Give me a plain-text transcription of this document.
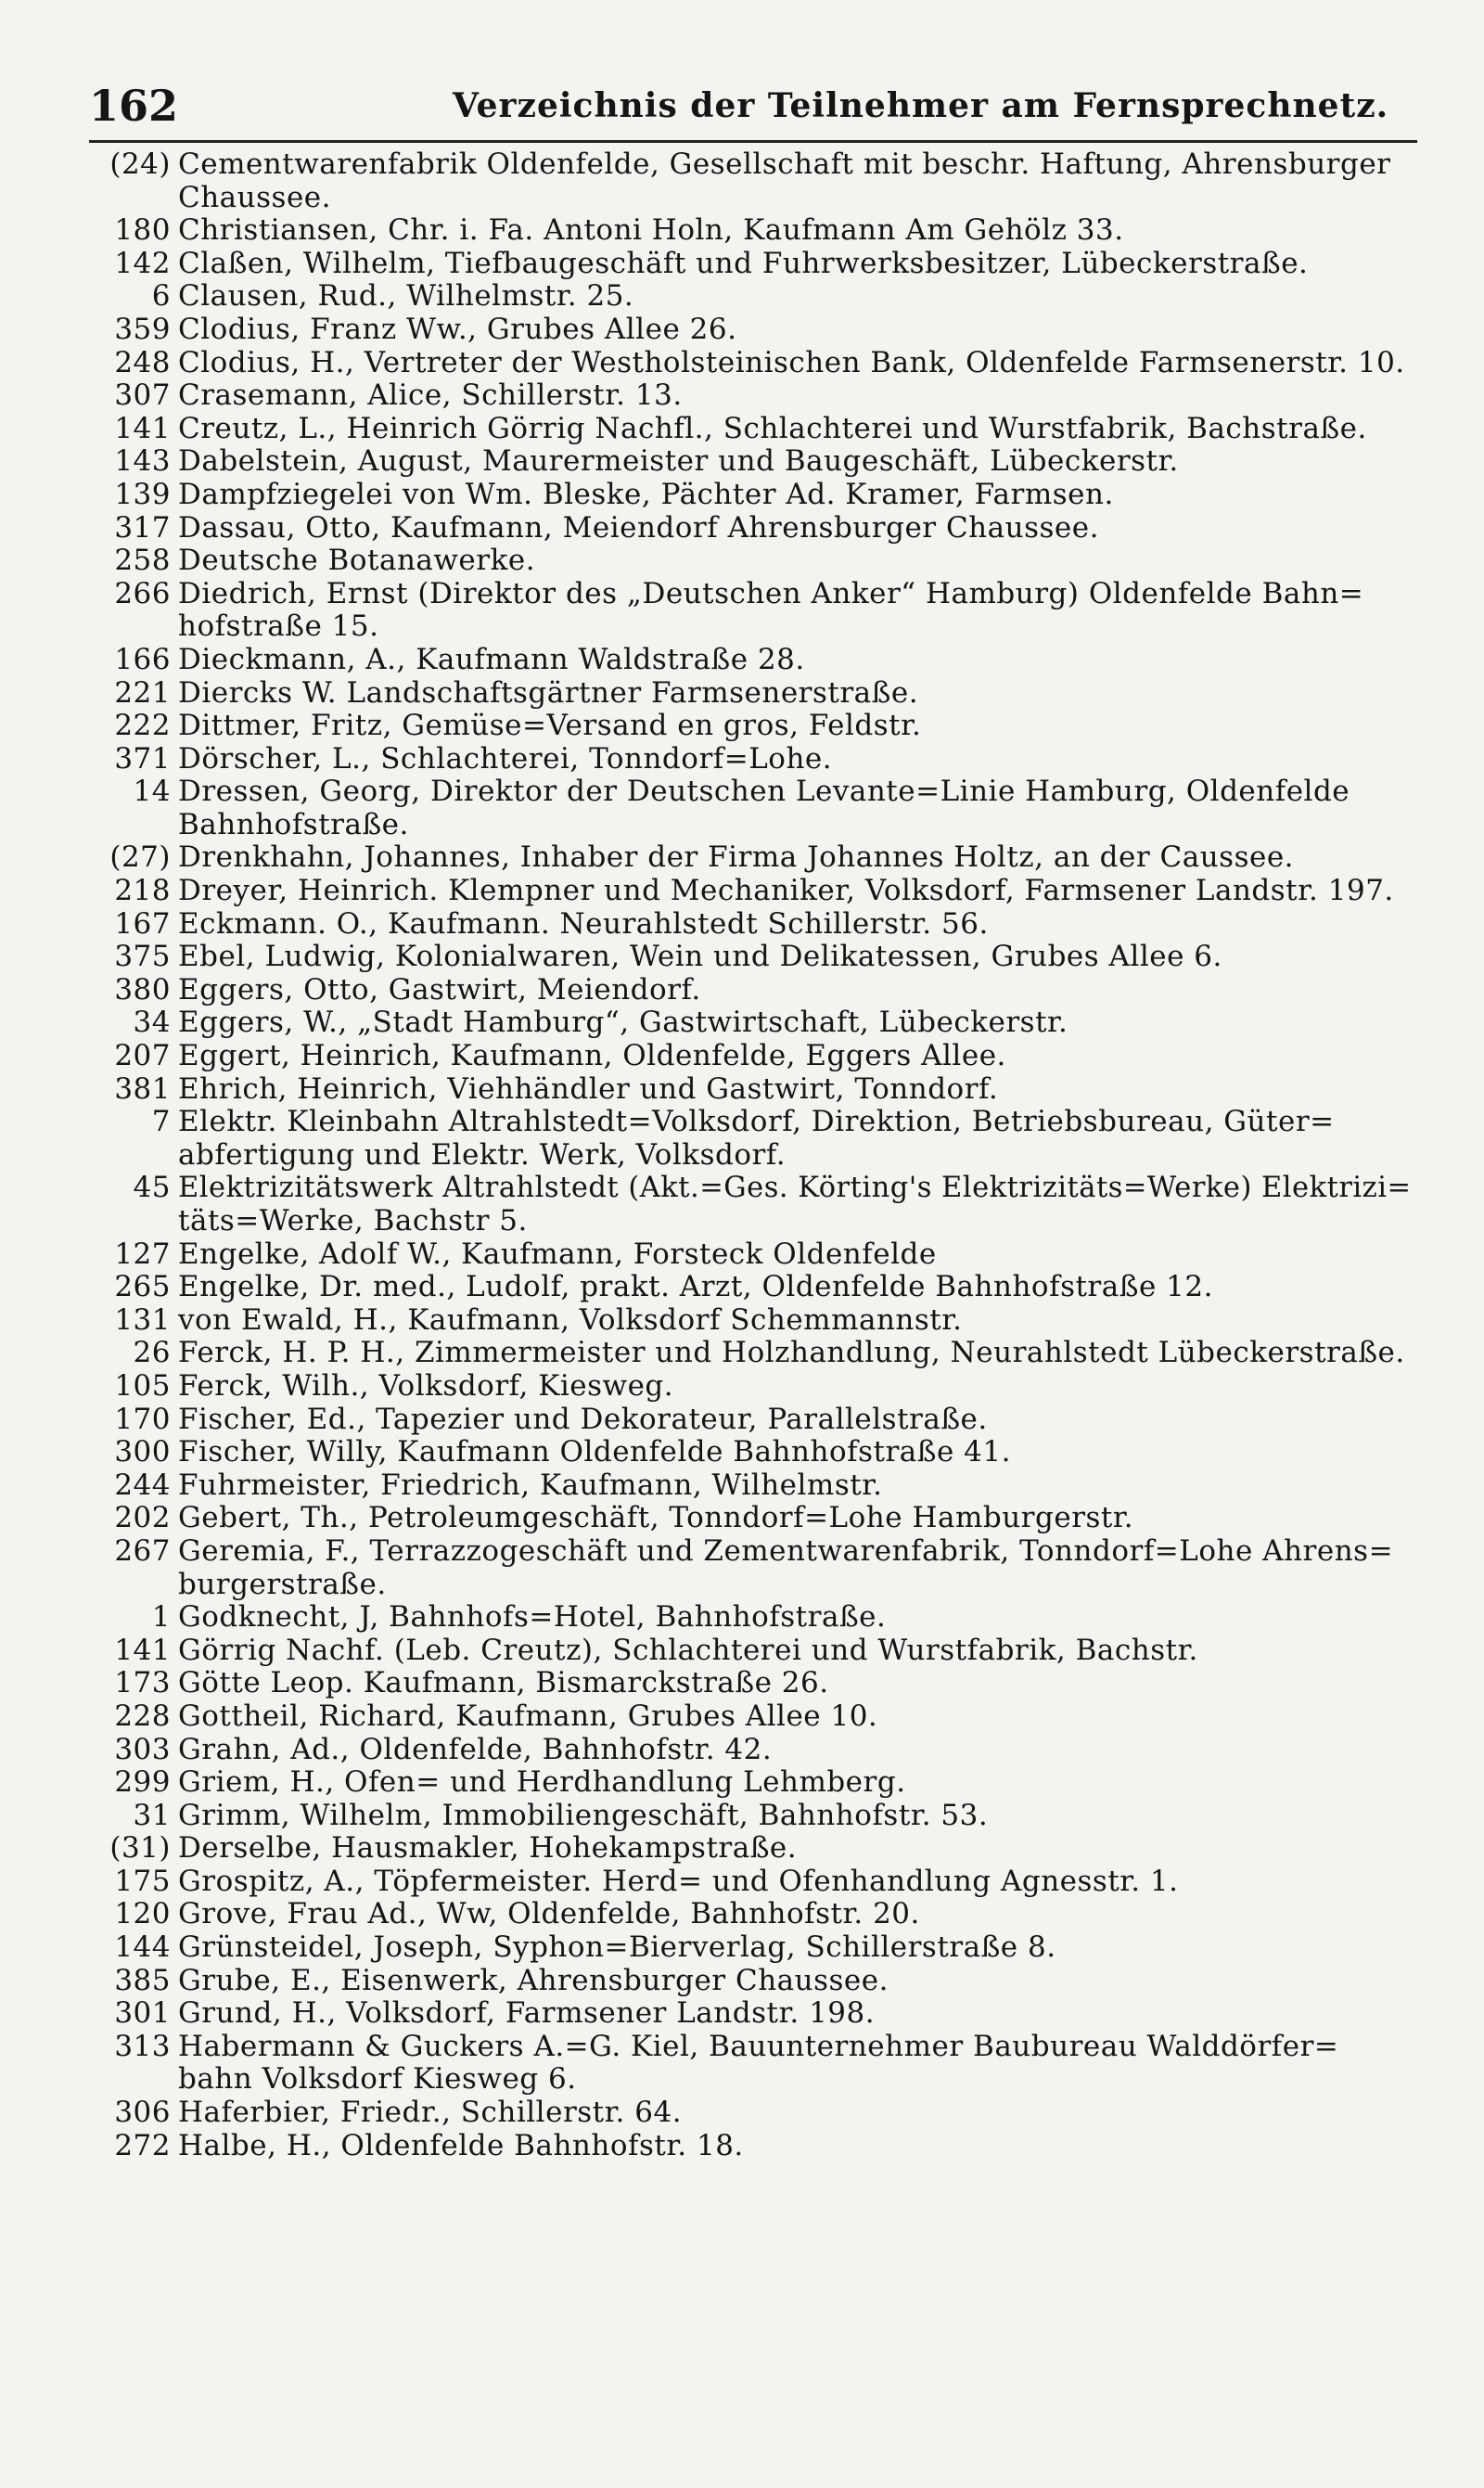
162	Verzeichnis der Teilnehmer am Fernsprechnetz.
(24) Cementwarenfabrik Oldenfelde, Gesellschaft mit beschr. Haftung, Ahrensburger
Chaussee.
180 Christiansen, Chr. i. Fa. Antoni Holn, Kaufmann Am Gehölz 33.
142 Claßen, Wilhelm, Tiefbaugeschäft und Fuhrwerksbesitzer, Lübeckerstraße.
6 Clausen, Rud., Wilhelmstr. 25.
359 Clodius, Franz Ww., Grubes Allee 26.
248 Clodius, H., Vertreter der Westholsteinischen Bank, Oldenfelde Farmsenerstr. 10.
307 Crasemann, Alice, Schillerstr. 13.
141 Creutz, L., Heinrich Görrig Nachfl., Schlachterei und Wurstfabrik, Bachstraße.
143 Dabelstein, August, Maurermeister und Baugeschäft, Lübeckerstr.
139 Dampfziegelei von Wm. Bleske, Pächter Ad. Kramer, Farmsen.
317 Dassau, Otto, Kaufmann, Meiendorf Ahrensburger Chaussee.
258 Deutsche Botanawerke.
266 Diedrich, Ernst (Direktor des „Deutschen Anker“ Hamburg) Oldenfelde Bahn=
hofstraße 15.
166 Dieckmann, A., Kaufmann Waldstraße 28.
221 Diercks W. Landschaftsgärtner Farmsenerstraße.
222 Dittmer, Fritz, Gemüse=Versand en gros, Feldstr.
371 Dörscher, L., Schlachterei, Tonndorf=Lohe.
14 Dressen, Georg, Direktor der Deutschen Levante=Linie Hamburg, Oldenfelde
Bahnhofstraße.
(27) Drenkhahn, Johannes, Inhaber der Firma Johannes Holtz, an der Caussee.
218 Dreyer, Heinrich. Klempner und Mechaniker, Volksdorf, Farmsener Landstr. 197.
167 Eckmann. O., Kaufmann. Neurahlstedt Schillerstr. 56.
375 Ebel, Ludwig, Kolonialwaren, Wein und Delikatessen, Grubes Allee 6.
380 Eggers, Otto, Gastwirt, Meiendorf.
34 Eggers, W., „Stadt Hamburg“, Gastwirtschaft, Lübeckerstr.
207 Eggert, Heinrich, Kaufmann, Oldenfelde, Eggers Allee.
381 Ehrich, Heinrich, Viehhändler und Gastwirt, Tonndorf.
7 Elektr. Kleinbahn Altrahlstedt=Volksdorf, Direktion, Betriebsbureau, Güter=
abfertigung und Elektr. Werk, Volksdorf.
45 Elektrizitätswerk Altrahlstedt (Akt.=Ges. Körting's Elektrizitäts=Werke) Elektrizi=
täts=Werke, Bachstr 5.
127 Engelke, Adolf W., Kaufmann, Forsteck Oldenfelde
265 Engelke, Dr. med., Ludolf, prakt. Arzt, Oldenfelde Bahnhofstraße 12.
131 von Ewald, H., Kaufmann, Volksdorf Schemmannstr.
26 Ferck, H. P. H., Zimmermeister und Holzhandlung, Neurahlstedt Lübeckerstraße.
105 Ferck, Wilh., Volksdorf, Kiesweg.
170 Fischer, Ed., Tapezier und Dekorateur, Parallelstraße.
300 Fischer, Willy, Kaufmann Oldenfelde Bahnhofstraße 41.
244 Fuhrmeister, Friedrich, Kaufmann, Wilhelmstr.
202 Gebert, Th., Petroleumgeschäft, Tonndorf=Lohe Hamburgerstr.
267 Geremia, F., Terrazzogeschäft und Zementwarenfabrik, Tonndorf=Lohe Ahrens=
burgerstraße.
1 Godknecht, J, Bahnhofs=Hotel, Bahnhofstraße.
141 Görrig Nachf. (Leb. Creutz), Schlachterei und Wurstfabrik, Bachstr.
173 Götte Leop. Kaufmann, Bismarckstraße 26.
228 Gottheil, Richard, Kaufmann, Grubes Allee 10.
303 Grahn, Ad., Oldenfelde, Bahnhofstr. 42.
299 Griem, H., Ofen= und Herdhandlung Lehmberg.
31 Grimm, Wilhelm, Immobiliengeschäft, Bahnhofstr. 53.
(31) Derselbe, Hausmakler, Hohekampstraße.
175 Grospitz, A., Töpfermeister. Herd= und Ofenhandlung Agnesstr. 1.
120 Grove, Frau Ad., Ww, Oldenfelde, Bahnhofstr. 20.
144 Grünsteidel, Joseph, Syphon=Bierverlag, Schillerstraße 8.
385 Grube, E., Eisenwerk, Ahrensburger Chaussee.
301 Grund, H., Volksdorf, Farmsener Landstr. 198.
313 Habermann & Guckers A.=G. Kiel, Bauunternehmer Baubureau Walddörfer=
bahn Volksdorf Kiesweg 6.
306 Haferbier, Friedr., Schillerstr. 64.
272 Halbe, H., Oldenfelde Bahnhofstr. 18.
